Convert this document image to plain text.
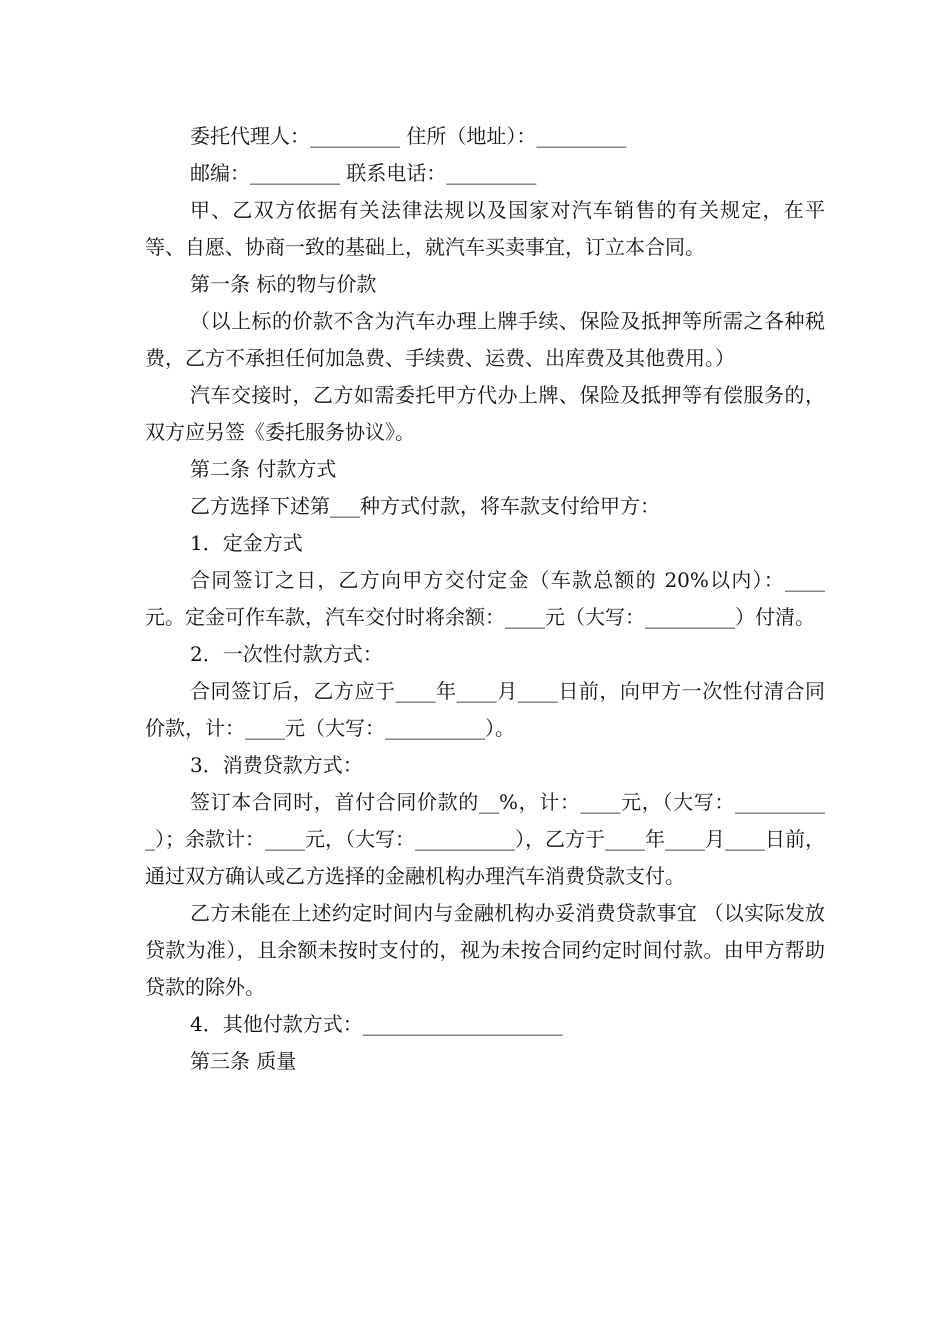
委托代理人：_________ 住所（地址）：_________

邮编：_________ 联系电话：_________

甲、乙双方依据有关法律法规以及国家对汽车销售的有关规定，在平等、自愿、协商一致的基础上，就汽车买卖事宜，订立本合同。

第一条 标的物与价款

（以上标的价款不含为汽车办理上牌手续、保险及抵押等所需之各种税费，乙方不承担任何加急费、手续费、运费、出库费及其他费用。）

汽车交接时，乙方如需委托甲方代办上牌、保险及抵押等有偿服务的，双方应另签《委托服务协议》。

第二条 付款方式

乙方选择下述第___种方式付款，将车款支付给甲方：

1．定金方式

合同签订之日，乙方向甲方交付定金（车款总额的 20%以内）：____元。定金可作车款，汽车交付时将余额：____元（大写：_________）付清。

2．一次性付款方式：

合同签订后，乙方应于____年____月____日前，向甲方一次性付清合同价款，计：____元（大写：__________）。

3．消费贷款方式：

签订本合同时，首付合同价款的__%，计：____元，（大写：__________）；余款计：____元，（大写：__________），乙方于____年____月____日前，通过双方确认或乙方选择的金融机构办理汽车消费贷款支付。

乙方未能在上述约定时间内与金融机构办妥消费贷款事宜 （以实际发放贷款为准），且余额未按时支付的，视为未按合同约定时间付款。由甲方帮助贷款的除外。

4．其他付款方式：____________________

第三条 质量
